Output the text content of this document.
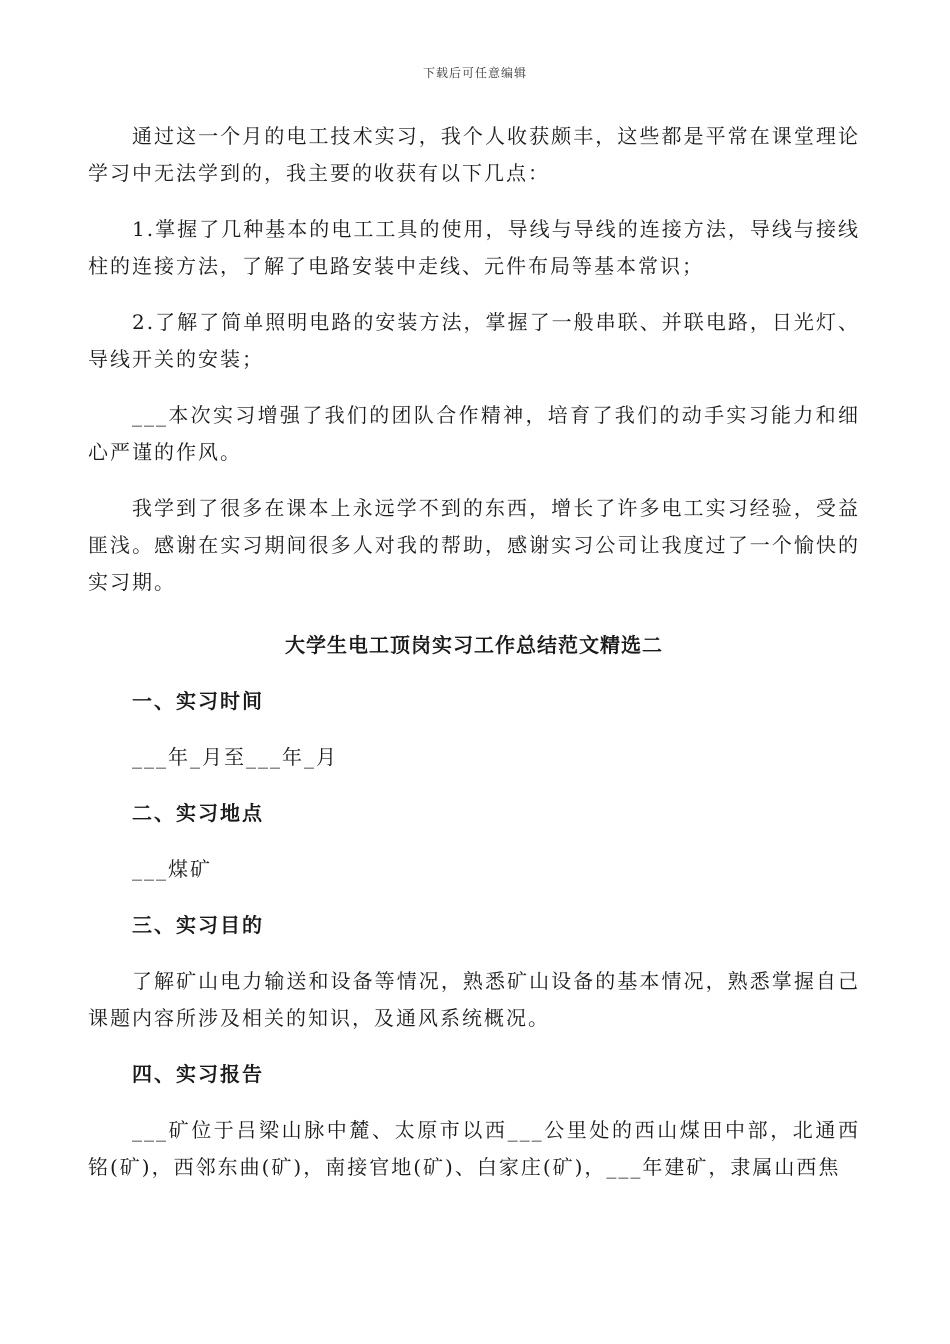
下载后可任意编辑

通过这一个月的电工技术实习，我个人收获颇丰，这些都是平常在课堂理论学习中无法学到的，我主要的收获有以下几点：

1.掌握了几种基本的电工工具的使用，导线与导线的连接方法，导线与接线柱的连接方法，了解了电路安装中走线、元件布局等基本常识；

2.了解了简单照明电路的安装方法，掌握了一般串联、并联电路，日光灯、导线开关的安装；

___本次实习增强了我们的团队合作精神，培育了我们的动手实习能力和细心严谨的作风。

我学到了很多在课本上永远学不到的东西，增长了许多电工实习经验，受益匪浅。感谢在实习期间很多人对我的帮助，感谢实习公司让我度过了一个愉快的实习期。

大学生电工顶岗实习工作总结范文精选二
一、实习时间

___年_月至___年_月

二、实习地点

___煤矿

三、实习目的

了解矿山电力输送和设备等情况，熟悉矿山设备的基本情况，熟悉掌握自己课题内容所涉及相关的知识，及通风系统概况。

四、实习报告

___矿位于吕梁山脉中麓、太原市以西___公里处的西山煤田中部，北通西铭(矿)，西邻东曲(矿)，南接官地(矿)、白家庄(矿)，___年建矿，隶属山西焦
